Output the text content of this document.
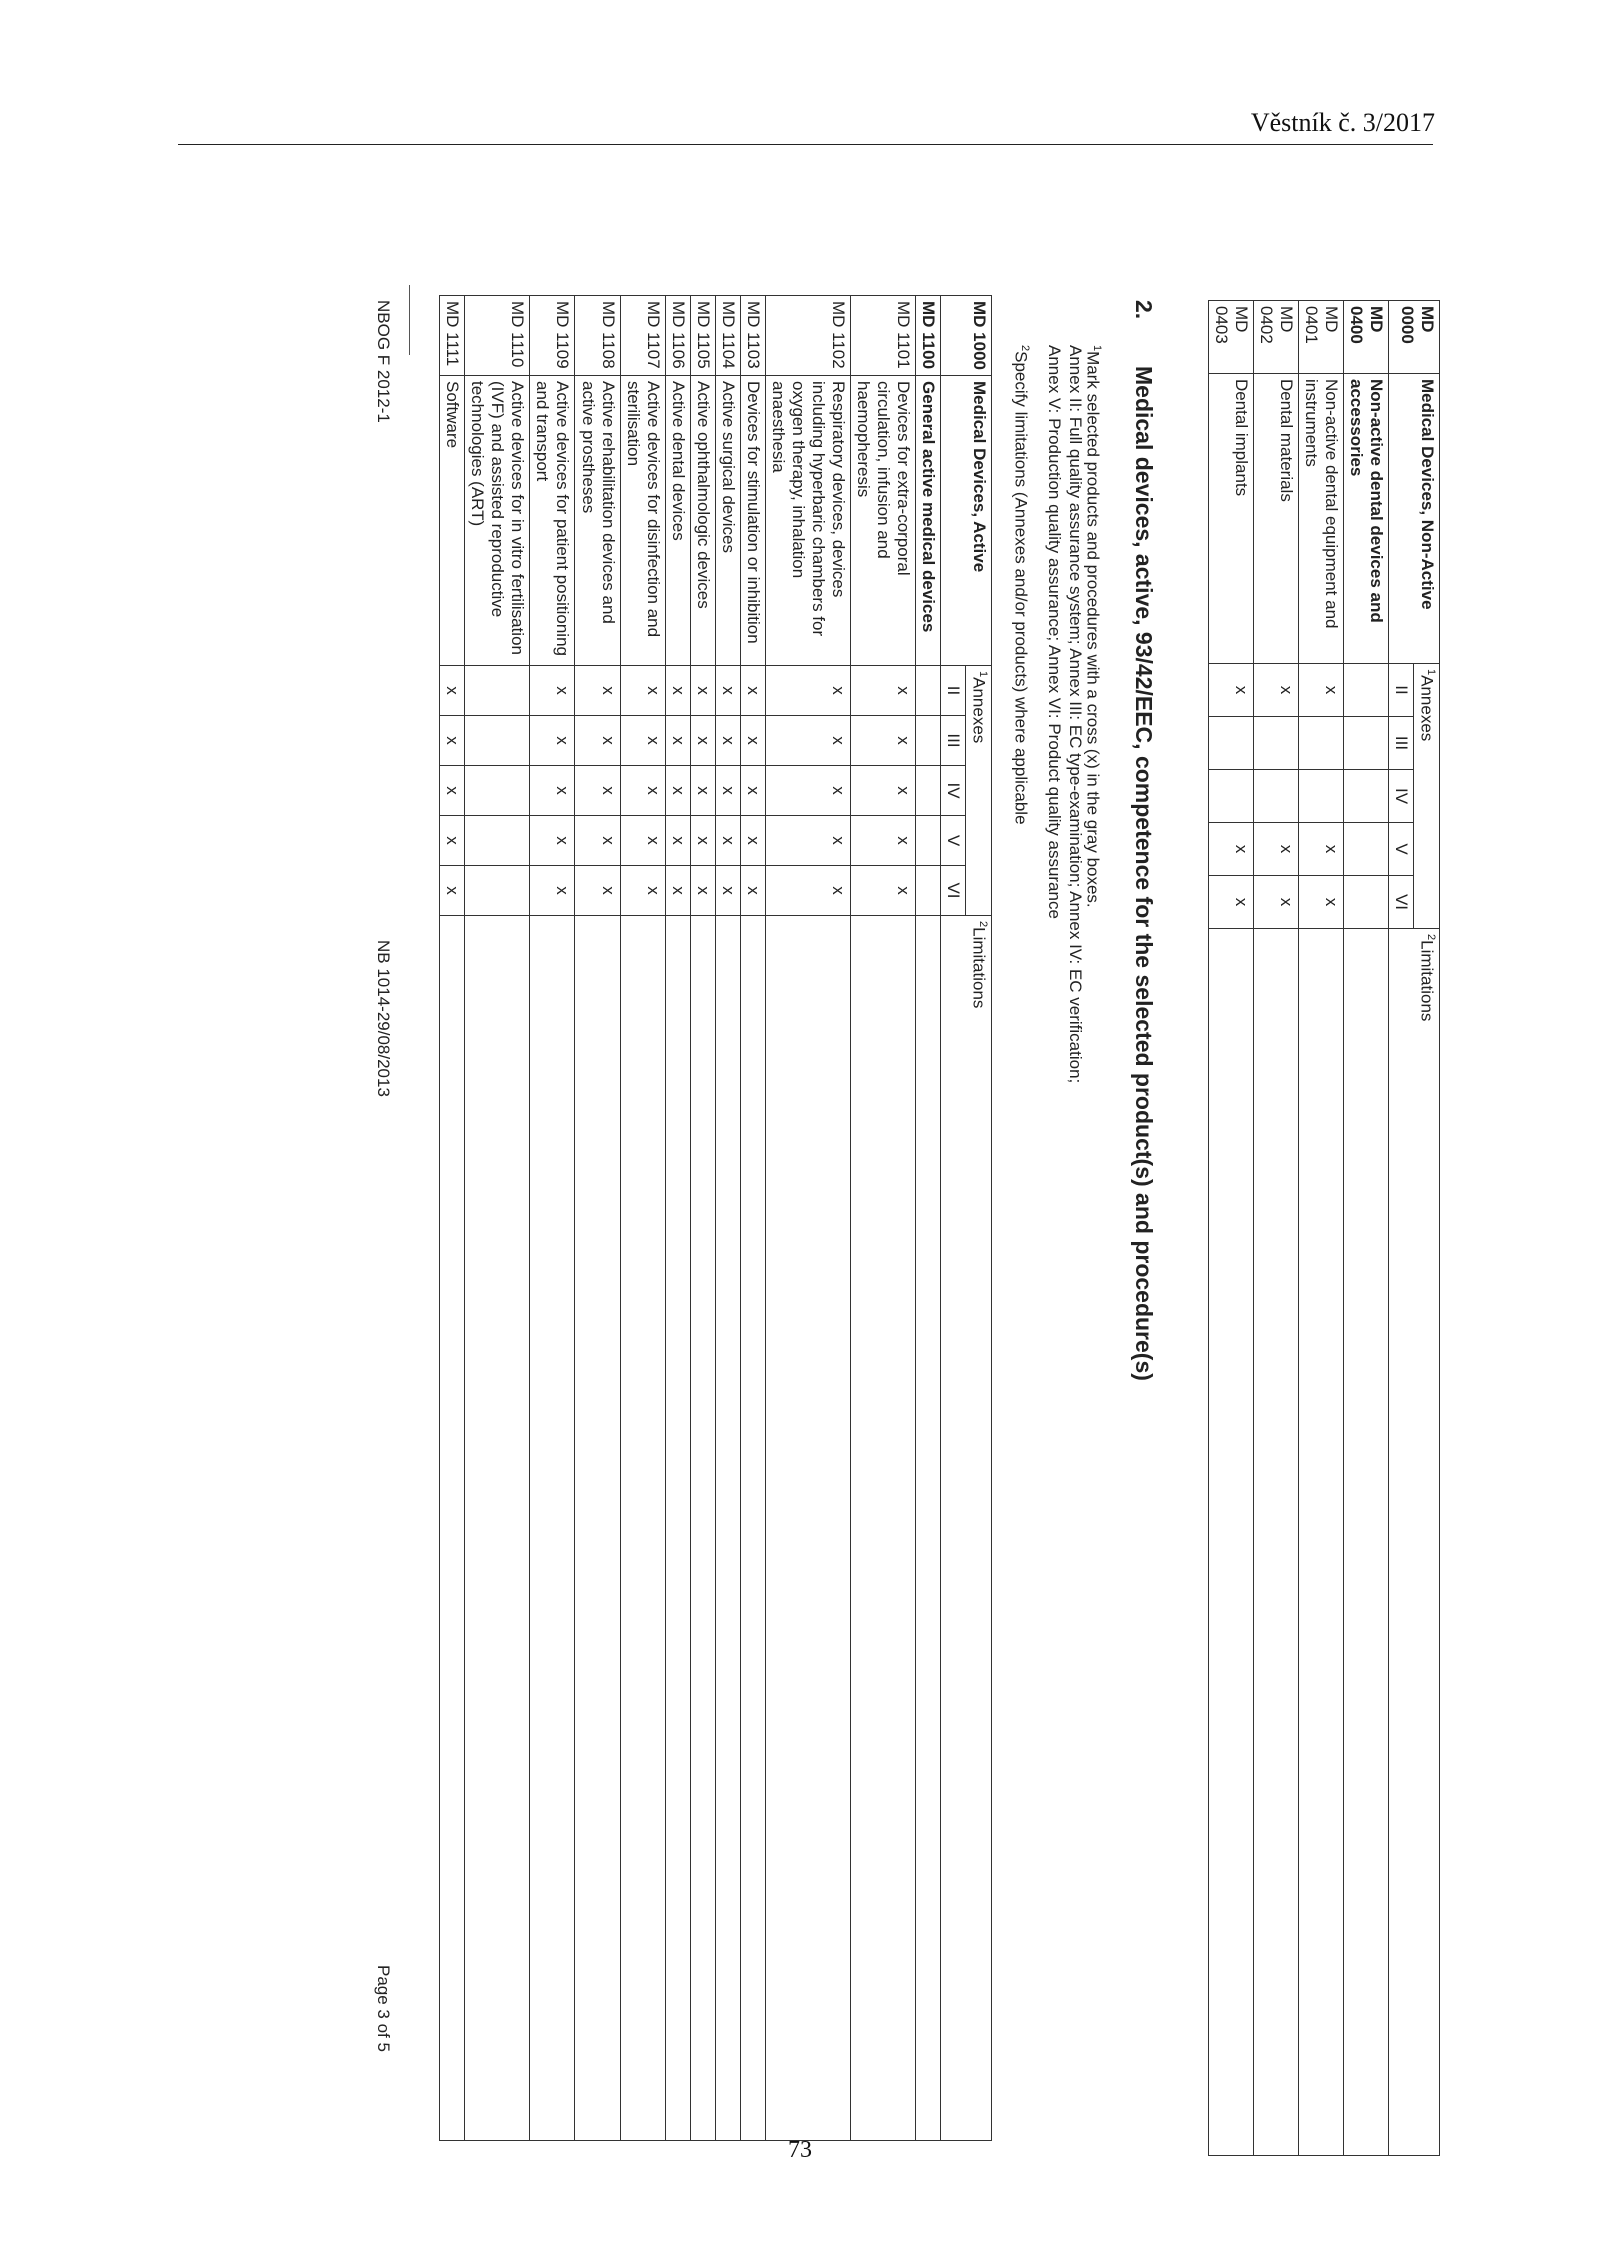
Věstník č. 3/2017
MD 0000	Medical Devices, Non-Active	$^1$Annexes					$^2$Limitations
		II	III	IV	V	VI	
MD 0400	Non-active dental devices and accessories						
MD 0401	Non-active dental equipment and instruments	x			x	x	
MD 0402	Dental materials	x			x	x	
MD 0403	Dental implants	x			x	x	
2.Medical devices, active, 93/42/EEC, competence for the selected product(s) and procedure(s)
$^1$Mark selected products and procedures with a cross (x) in the gray boxes.
Annex II: Full quality assurance system; Annex III: EC type-examination; Annex IV: EC verification;
Annex V: Production quality assurance; Annex VI: Product quality assurance
$^2$Specify limitations (Annexes and/or products) where applicable
MD 1000	Medical Devices, Active	$^1$Annexes					$^2$Limitations
		II	III	IV	V	VI	
MD 1100	General active medical devices						
MD 1101	Devices for extra-corporal circulation, infusion and haemopheresis	x	x	x	x	x	
MD 1102	Respiratory devices, devices including hyperbaric chambers for oxygen therapy, inhalation anaesthesia	x	x	x	x	x	
MD 1103	Devices for stimulation or inhibition	x	x	x	x	x	
MD 1104	Active surgical devices	x	x	x	x	x	
MD 1105	Active ophthalmologic devices	x	x	x	x	x	
MD 1106	Active dental devices	x	x	x	x	x	
MD 1107	Active devices for disinfection and sterilisation	x	x	x	x	x	
MD 1108	Active rehabilitation devices and active prostheses	x	x	x	x	x	
MD 1109	Active devices for patient positioning and transport	x	x	x	x	x	
MD 1110	Active devices for in vitro fertilisation (IVF) and assisted reproductive technologies (ART)						
MD 1111	Software	x	x	x	x	x	
NBOG F 2012-1
NB 1014-29/08/2013
Page 3 of 5
73
